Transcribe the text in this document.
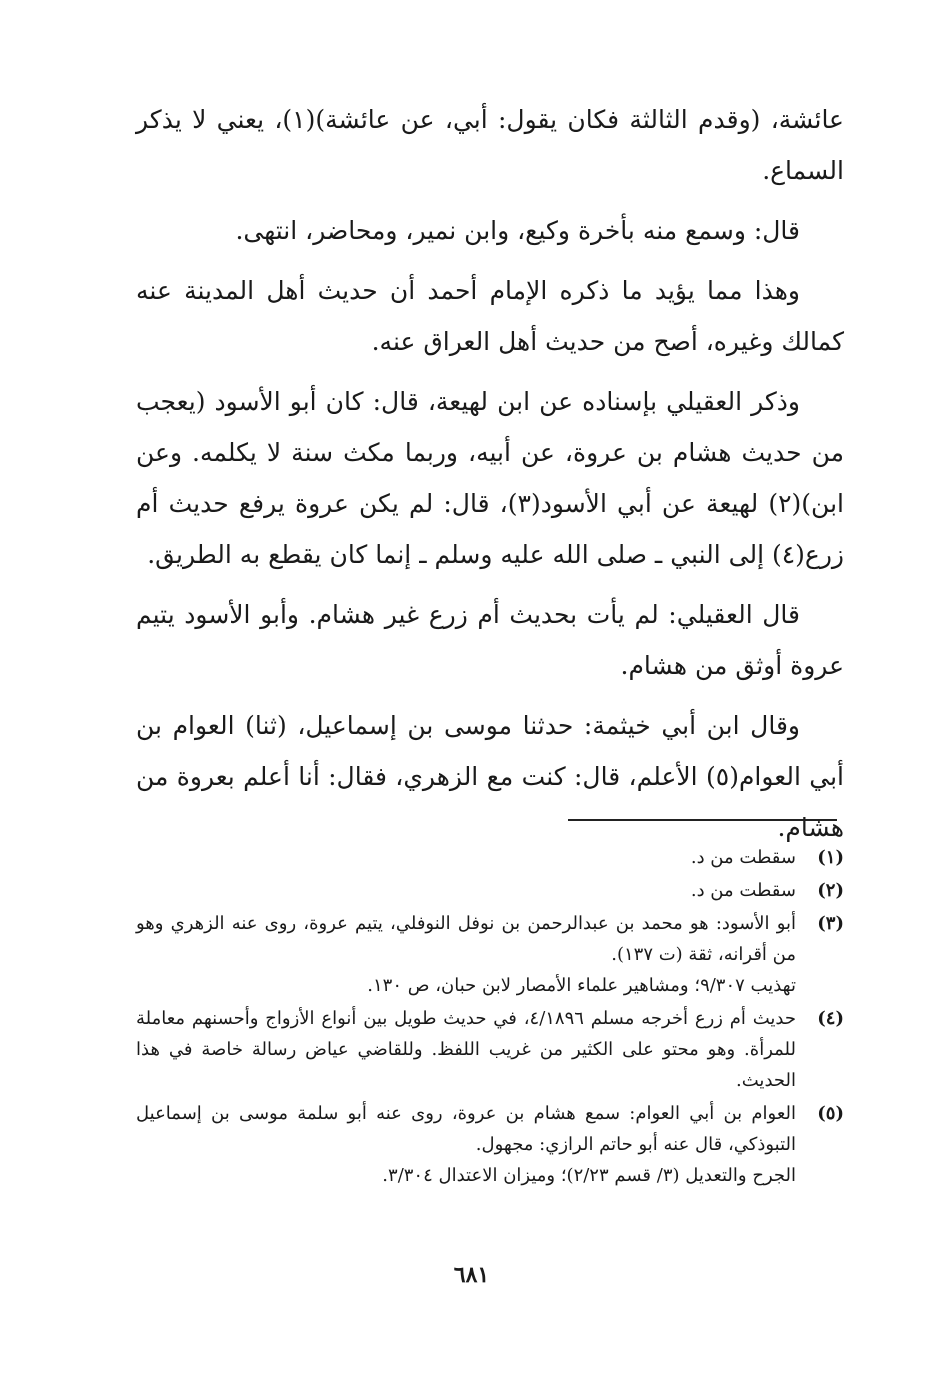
عائشة، (وقدم الثالثة فكان يقول: أبي، عن عائشة)(١)، يعني لا يذكر السماع.

قال: وسمع منه بأخرة وكيع، وابن نمير، ومحاضر، انتهى.

وهذا مما يؤيد ما ذكره الإمام أحمد أن حديث أهل المدينة عنه كمالك وغيره، أصح من حديث أهل العراق عنه.

وذكر العقيلي بإسناده عن ابن لهيعة، قال: كان أبو الأسود (يعجب من حديث هشام بن عروة، عن أبيه، وربما مكث سنة لا يكلمه. وعن ابن)(٢) لهيعة عن أبي الأسود(٣)، قال: لم يكن عروة يرفع حديث أم زرع(٤) إلى النبي ـ صلى الله عليه وسلم ـ إنما كان يقطع به الطريق.

قال العقيلي: لم يأت بحديث أم زرع غير هشام. وأبو الأسود يتيم عروة أوثق من هشام.

وقال ابن أبي خيثمة: حدثنا موسى بن إسماعيل، (ثنا) العوام بن أبي العوام(٥) الأعلم، قال: كنت مع الزهري، فقال: أنا أعلم بعروة من هشام.

(١)
سقطت من د.
(٢)
سقطت من د.
(٣)
أبو الأسود: هو محمد بن عبدالرحمن بن نوفل النوفلي، يتيم عروة، روى عنه الزهري وهو من أقرانه، ثقة (ت ١٣٧).
تهذيب ٩/٣٠٧؛ ومشاهير علماء الأمصار لابن حبان، ص ١٣٠.
(٤)
حديث أم زرع أخرجه مسلم ٤/١٨٩٦، في حديث طويل بين أنواع الأزواج وأحسنهم معاملة للمرأة. وهو محتو على الكثير من غريب اللفظ. وللقاضي عياض رسالة خاصة في هذا الحديث.
(٥)
العوام بن أبي العوام: سمع هشام بن عروة، روى عنه أبو سلمة موسى بن إسماعيل التبوذكي، قال عنه أبو حاتم الرازي: مجهول.
الجرح والتعديل (٣/ قسم ٢/٢٣)؛ وميزان الاعتدال ٣/٣٠٤.
٦٨١
